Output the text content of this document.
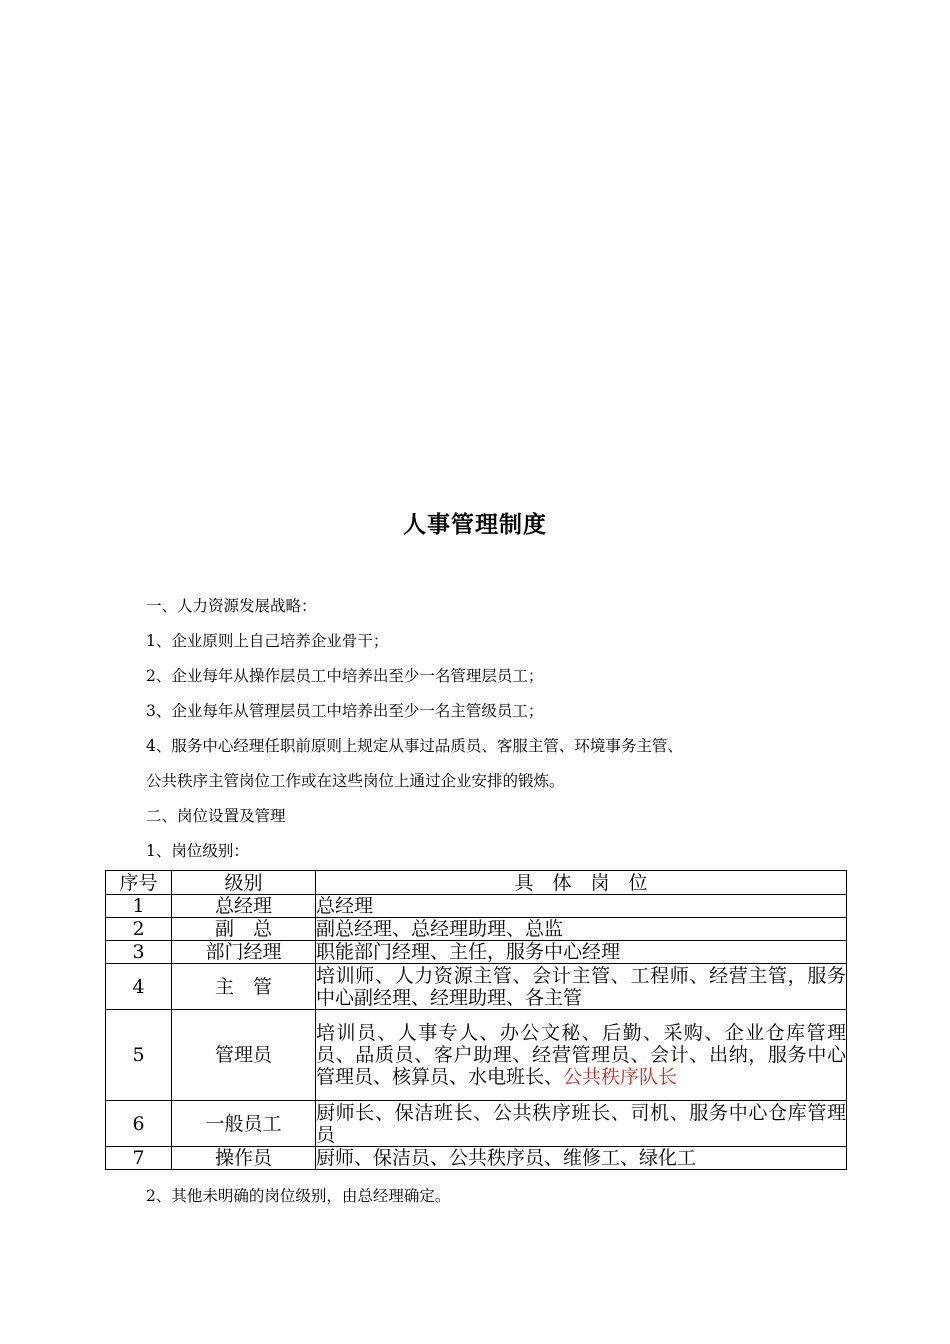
人事管理制度
一、人力资源发展战略：
1、企业原则上自己培养企业骨干；
2、企业每年从操作层员工中培养出至少一名管理层员工；
3、企业每年从管理层员工中培养出至少一名主管级员工；
4、服务中心经理任职前原则上规定从事过品质员、客服主管、环境事务主管、
公共秩序主管岗位工作或在这些岗位上通过企业安排的锻炼。
二、岗位设置及管理
1、岗位级别：
序号	级别	具　体　岗　位
1	总经理	总经理
2	副　总	副总经理、总经理助理、总监
3	部门经理	职能部门经理、主任，服务中心经理
4	主　管	培训师、人力资源主管、会计主管、工程师、经营主管，服务中心副经理、经理助理、各主管
5	管理员	培训员、人事专人、办公文秘、后勤、采购、企业仓库管理员、品质员、客户助理、经营管理员、会计、出纳，服务中心管理员、核算员、水电班长、公共秩序队长
6	一般员工	厨师长、保洁班长、公共秩序班长、司机、服务中心仓库管理员
7	操作员	厨师、保洁员、公共秩序员、维修工、绿化工
2、其他未明确的岗位级别，由总经理确定。
